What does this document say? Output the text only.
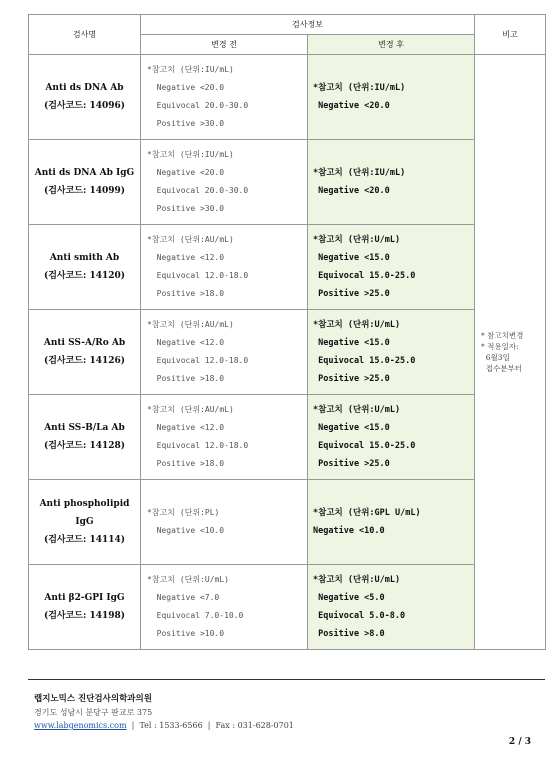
검사명	검사정보		비고
	변경 전	변경 후	

Anti ds DNA Ab
(검사코드: 14096)	*참고치 (단위:IU/mL)
Negative <20.0
Equivocal 20.0-30.0
Positive >30.0	*참고치 (단위:IU/mL)
Negative <20.0	* 참고치변경
* 적용일자:
6월3일
접수분부터

Anti ds DNA Ab IgG
(검사코드: 14099)	*참고치 (단위:IU/mL)
Negative <20.0
Equivocal 20.0-30.0
Positive >30.0	*참고치 (단위:IU/mL)
Negative <20.0	

Anti smith Ab
(검사코드: 14120)	*참고치 (단위:AU/mL)
Negative <12.0
Equivocal 12.0-18.0
Positive >18.0	*참고치 (단위:U/mL)
Negative <15.0
Equivocal 15.0-25.0
Positive >25.0	

Anti SS-A/Ro Ab
(검사코드: 14126)	*참고치 (단위:AU/mL)
Negative <12.0
Equivocal 12.0-18.0
Positive >18.0	*참고치 (단위:U/mL)
Negative <15.0
Equivocal 15.0-25.0
Positive >25.0	

Anti SS-B/La Ab
(검사코드: 14128)	*참고치 (단위:AU/mL)
Negative <12.0
Equivocal 12.0-18.0
Positive >18.0	*참고치 (단위:U/mL)
Negative <15.0
Equivocal 15.0-25.0
Positive >25.0	

Anti phospholipid
IgG
(검사코드: 14114)	*참고치 (단위:PL)
Negative <10.0	*참고치 (단위:GPL U/mL)
Negative <10.0	

Anti β2-GPI IgG
(검사코드: 14198)	*참고치 (단위:U/mL)
Negative <7.0
Equivocal 7.0-10.0
Positive >10.0	*참고치 (단위:U/mL)
Negative <5.0
Equivocal 5.0-8.0
Positive >8.0	
랩지노믹스 진단검사의학과의원
경기도 성남시 분당구 판교로 375
www.labgenomics.com  |  Tel : 1533-6566  |  Fax : 031-628-0701
2 / 3
